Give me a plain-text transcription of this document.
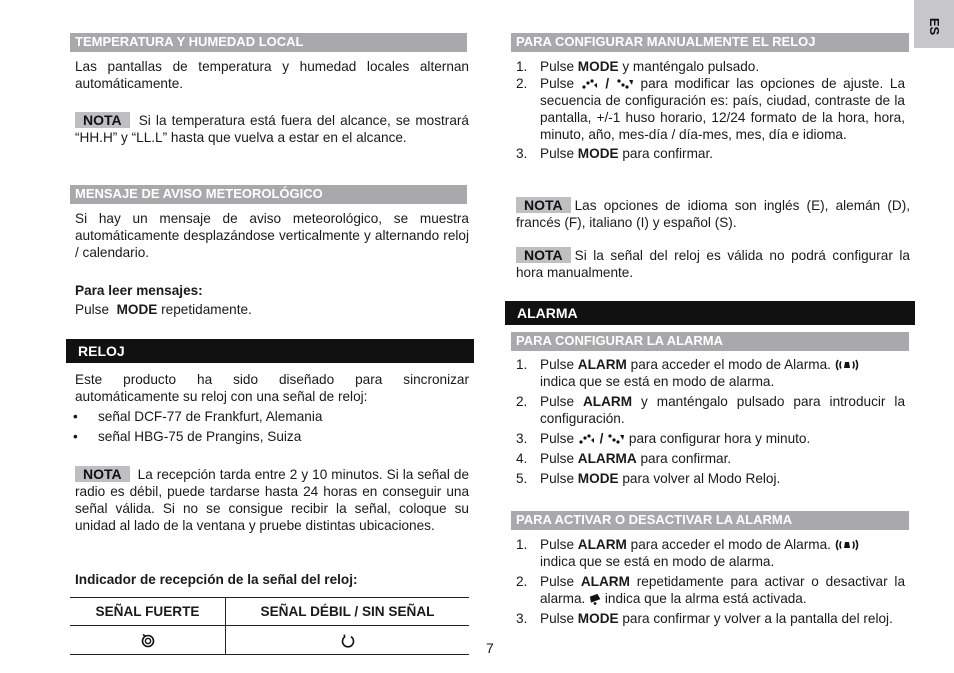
TEMPERATURA Y HUMEDAD LOCAL

Las pantallas de temperatura y humedad locales alternan automáticamente.

NOTA Si la temperatura está fuera del alcance, se mostrará “HH.H” y “LL.L” hasta que vuelva a estar en el alcance.

MENSAJE DE AVISO METEOROLÓGICO

Si hay un mensaje de aviso meteorológico, se muestra automáticamente desplazándose verticalmente y alternando reloj / calendario.

Para leer mensajes:

Pulse MODE repetidamente.

RELOJ

Este producto ha sido diseñado para sincronizar automáticamente su reloj con una señal de reloj:

• señal DCF-77 de Frankfurt, Alemania
• señal HBG-75 de Prangins, Suiza

NOTA La recepción tarda entre 2 y 10 minutos. Si la señal de radio es débil, puede tardarse hasta 24 horas en conseguir una señal válida. Si no se consigue recibir la señal, coloque su unidad al lado de la ventana y pruebe distintas ubicaciones.

Indicador de recepción de la señal del reloj:

SEÑAL FUERTE	SEÑAL DÉBIL / SIN SEÑAL

PARA CONFIGURAR MANUALMENTE EL RELOJ
1. Pulse MODE y manténgalo pulsado.
2. Pulse / para modificar las opciones de ajuste. La secuencia de configuración es: país, ciudad, contraste de la pantalla, +/-1 huso horario, 12/24 formato de la hora, hora, minuto, año, mes-día / día-mes, mes, día e idioma.
3. Pulse MODE para confirmar.

NOTA Las opciones de idioma son inglés (E), alemán (D), francés (F), italiano (I) y español (S).

NOTA Si la señal del reloj es válida no podrá configurar la hora manualmente.

ALARMA
PARA CONFIGURAR LA ALARMA
1. Pulse ALARM para acceder el modo de Alarma.
indica que se está en modo de alarma.
2. Pulse ALARM y manténgalo pulsado para introducir la configuración.
3. Pulse / para configurar hora y minuto.
4. Pulse ALARMA para confirmar.
5. Pulse MODE para volver al Modo Reloj.
PARA ACTIVAR O DESACTIVAR LA ALARMA
1. Pulse ALARM para acceder el modo de Alarma.
indica que se está en modo de alarma.
2. Pulse ALARM repetidamente para activar o desactivar la alarma. indica que la alrma está activada.
3. Pulse MODE para confirmar y volver a la pantalla del reloj.
ES
7
